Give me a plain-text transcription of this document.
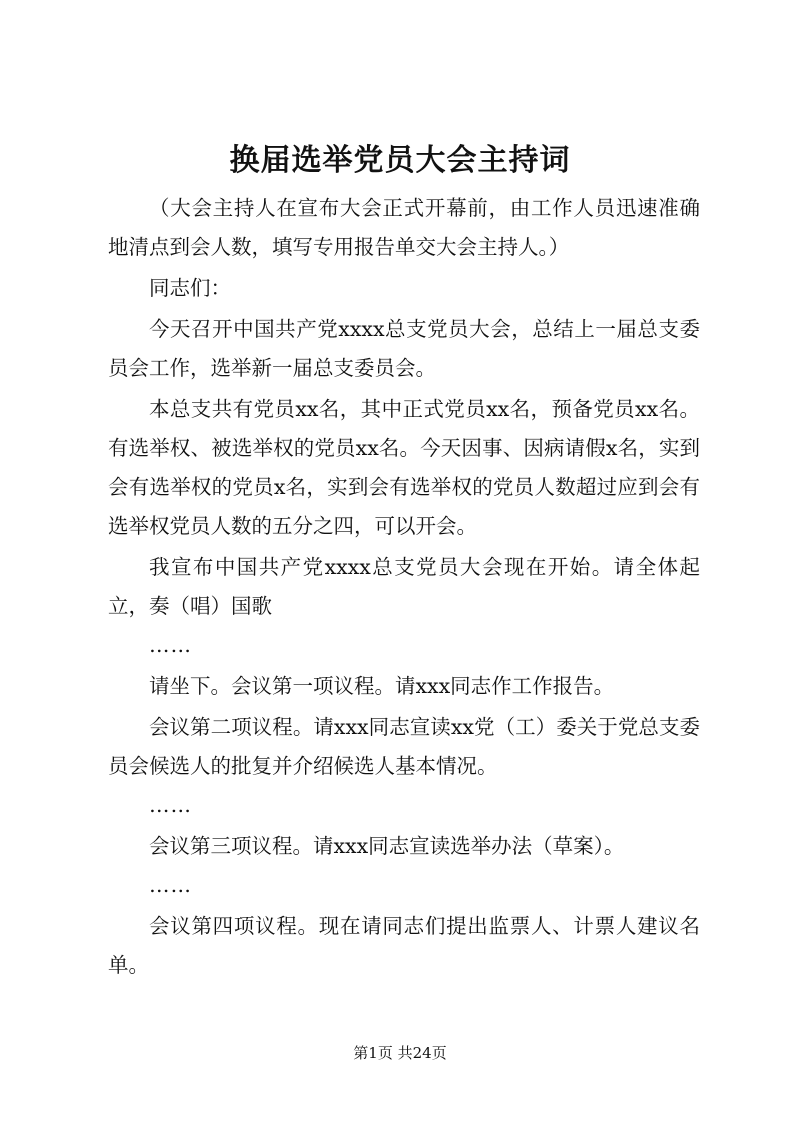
换届选举党员大会主持词

（大会主持人在宣布大会正式开幕前，由工作人员迅速准确地清点到会人数，填写专用报告单交大会主持人。）

同志们：

今天召开中国共产党xxxx总支党员大会，总结上一届总支委员会工作，选举新一届总支委员会。

本总支共有党员xx名，其中正式党员xx名，预备党员xx名。有选举权、被选举权的党员xx名。今天因事、因病请假x名，实到会有选举权的党员x名，实到会有选举权的党员人数超过应到会有选举权党员人数的五分之四，可以开会。

我宣布中国共产党xxxx总支党员大会现在开始。请全体起立，奏（唱）国歌

……

请坐下。会议第一项议程。请xxx同志作工作报告。

会议第二项议程。请xxx同志宣读xx党（工）委关于党总支委员会候选人的批复并介绍候选人基本情况。

……

会议第三项议程。请xxx同志宣读选举办法（草案）。

……

会议第四项议程。现在请同志们提出监票人、计票人建议名单。

第1页 共24页
